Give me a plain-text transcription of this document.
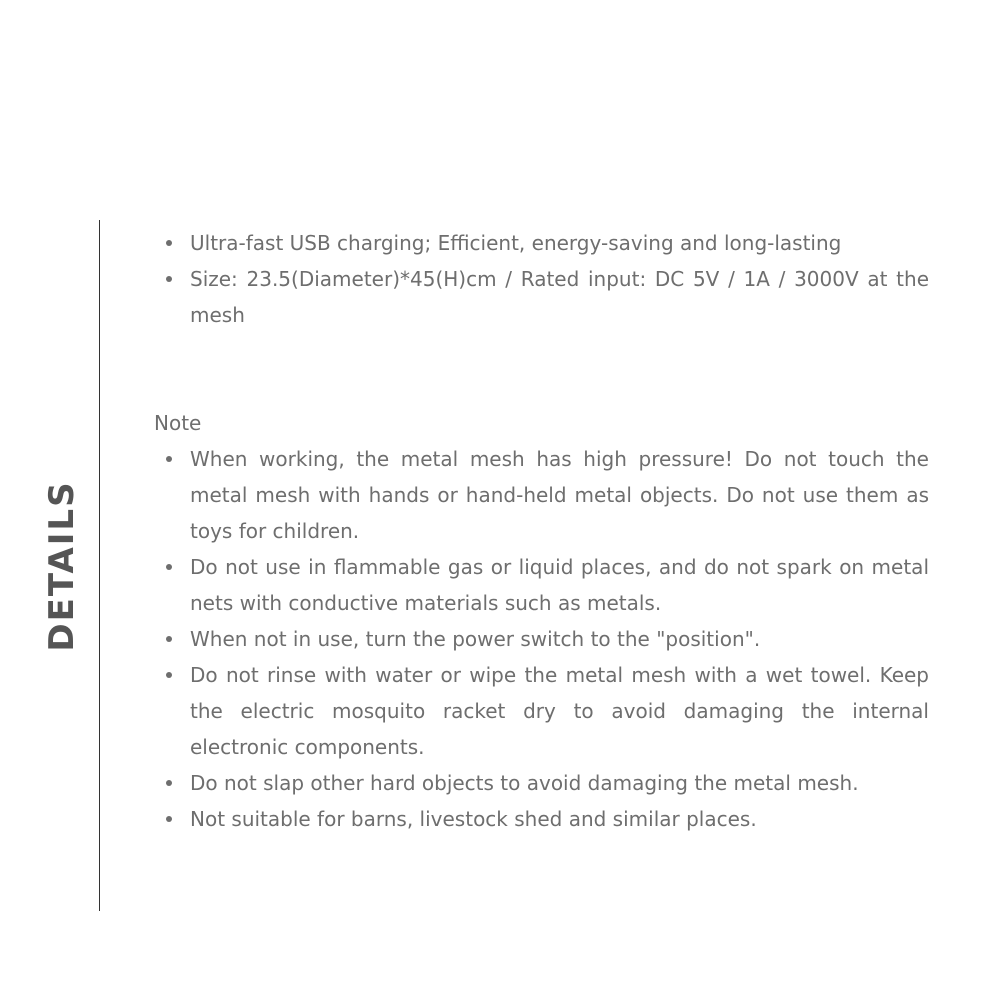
DETAILS
Ultra-fast USB charging; Efficient, energy-saving and long-lasting
Size: 23.5(Diameter)*45(H)cm / Rated input: DC 5V / 1A / 3000V at the mesh

Note

When working, the metal mesh has high pressure! Do not touch the metal mesh with hands or hand-held metal objects. Do not use them as toys for children.
Do not use in flammable gas or liquid places, and do not spark on metal nets with conductive materials such as metals.
When not in use, turn the power switch to the "position".
Do not rinse with water or wipe the metal mesh with a wet towel. Keep the electric mosquito racket dry to avoid damaging the internal electronic components.
Do not slap other hard objects to avoid damaging the metal mesh.
Not suitable for barns, livestock shed and similar places.
